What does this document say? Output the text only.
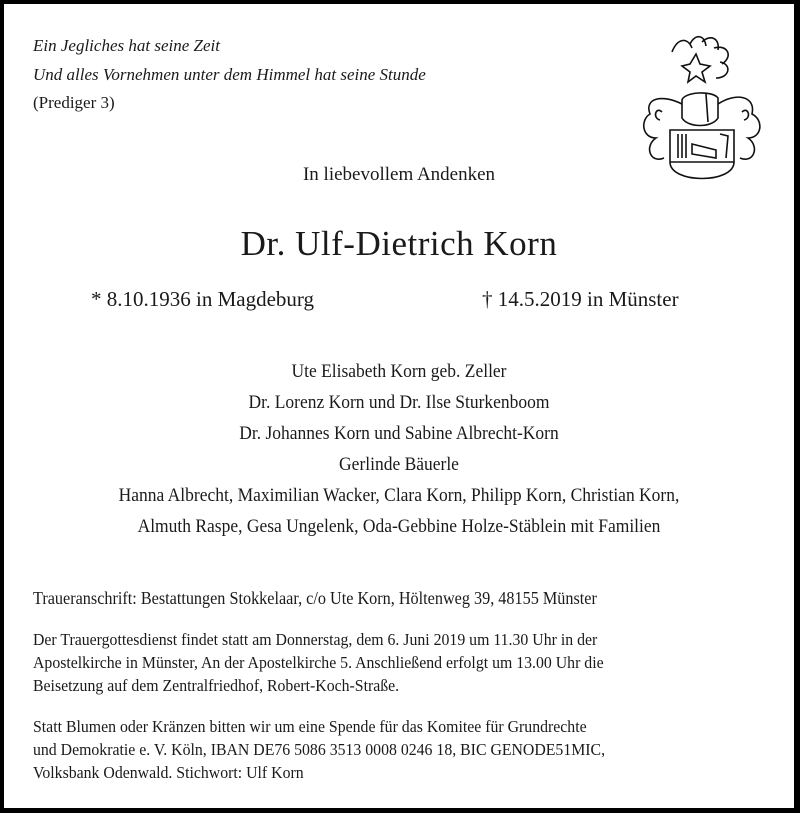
Ein Jegliches hat seine Zeit
Und alles Vornehmen unter dem Himmel hat seine Stunde
(Prediger 3)
In liebevollem Andenken
Dr. Ulf-Dietrich Korn
* 8.10.1936 in Magdeburg	† 14.5.2019 in Münster
Ute Elisabeth Korn geb. Zeller
Dr. Lorenz Korn und Dr. Ilse Sturkenboom
Dr. Johannes Korn und Sabine Albrecht-Korn
Gerlinde Bäuerle
Hanna Albrecht, Maximilian Wacker, Clara Korn, Philipp Korn, Christian Korn,
Almuth Raspe, Gesa Ungelenk, Oda-Gebbine Holze-Stäblein mit Familien
Traueranschrift: Bestattungen Stokkelaar, c/o Ute Korn, Höltenweg 39, 48155 Münster
Der Trauergottesdienst findet statt am Donnerstag, dem 6. Juni 2019 um 11.30 Uhr in der
Apostelkirche in Münster, An der Apostelkirche 5. Anschließend erfolgt um 13.00 Uhr die
Beisetzung auf dem Zentralfriedhof, Robert-Koch-Straße.
Statt Blumen oder Kränzen bitten wir um eine Spende für das Komitee für Grundrechte
und Demokratie e. V. Köln, IBAN DE76 5086 3513 0008 0246 18, BIC GENODE51MIC,
Volksbank Odenwald. Stichwort: Ulf Korn
